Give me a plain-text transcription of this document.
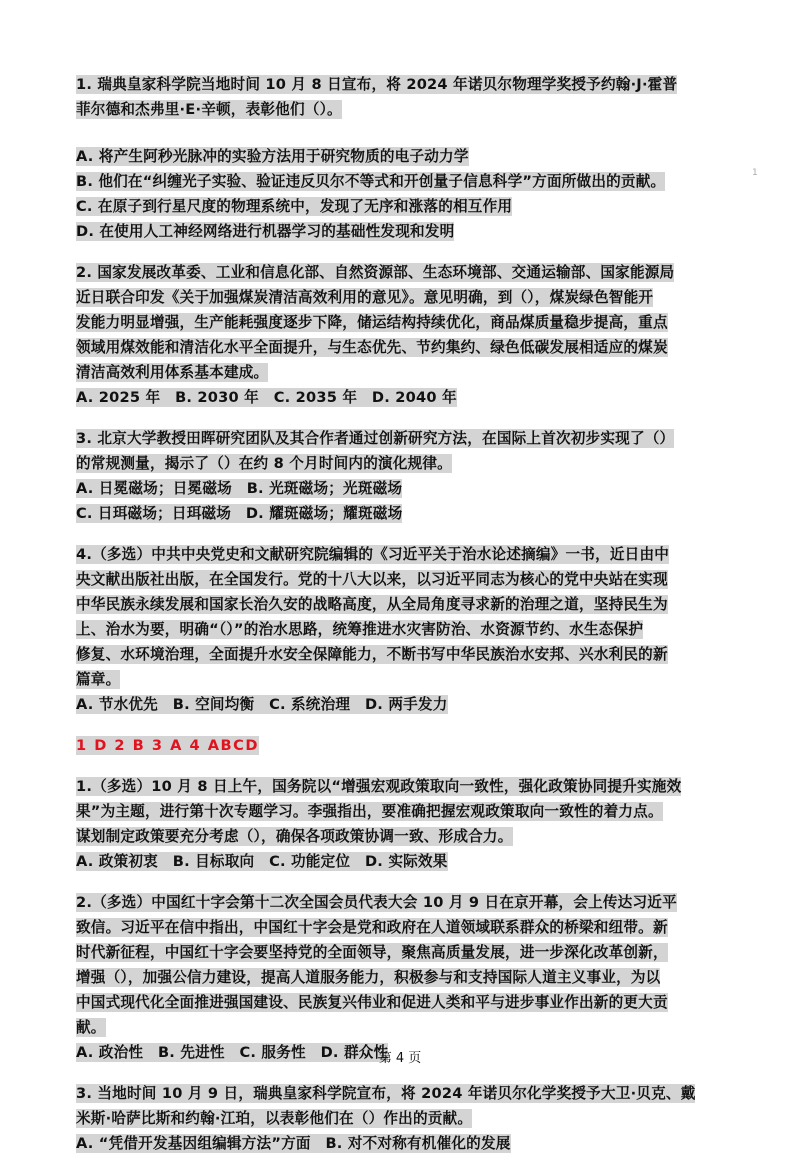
1. 瑞典皇家科学院当地时间 10 月 8 日宣布，将 2024 年诺贝尔物理学奖授予约翰·J·霍普

菲尔德和杰弗里·E·辛顿，表彰他们（）。

A. 将产生阿秒光脉冲的实验方法用于研究物质的电子动力学

B. 他们在“纠缠光子实验、验证违反贝尔不等式和开创量子信息科学”方面所做出的贡献。

C. 在原子到行星尺度的物理系统中，发现了无序和涨落的相互作用

D. 在使用人工神经网络进行机器学习的基础性发现和发明

2. 国家发展改革委、工业和信息化部、自然资源部、生态环境部、交通运输部、国家能源局

近日联合印发《关于加强煤炭清洁高效利用的意见》。意见明确，到（），煤炭绿色智能开

发能力明显增强，生产能耗强度逐步下降，储运结构持续优化，商品煤质量稳步提高，重点

领域用煤效能和清洁化水平全面提升，与生态优先、节约集约、绿色低碳发展相适应的煤炭

清洁高效利用体系基本建成。

A. 2025 年　B. 2030 年　C. 2035 年　D. 2040 年

3. 北京大学教授田晖研究团队及其合作者通过创新研究方法，在国际上首次初步实现了（）

的常规测量，揭示了（）在约 8 个月时间内的演化规律。

A. 日冕磁场；日冕磁场　B. 光斑磁场；光斑磁场

C. 日珥磁场；日珥磁场　D. 耀斑磁场；耀斑磁场

4.（多选）中共中央党史和文献研究院编辑的《习近平关于治水论述摘编》一书，近日由中

央文献出版社出版，在全国发行。党的十八大以来，以习近平同志为核心的党中央站在实现

中华民族永续发展和国家长治久安的战略高度，从全局角度寻求新的治理之道，坚持民生为

上、治水为要，明确“（）”的治水思路，统筹推进水灾害防治、水资源节约、水生态保护

修复、水环境治理，全面提升水安全保障能力，不断书写中华民族治水安邦、兴水利民的新

篇章。

A. 节水优先　B. 空间均衡　C. 系统治理　D. 两手发力

1 D 2 B 3 A 4 ABCD

1.（多选）10 月 8 日上午，国务院以“增强宏观政策取向一致性，强化政策协同提升实施效

果”为主题，进行第十次专题学习。李强指出，要准确把握宏观政策取向一致性的着力点。

谋划制定政策要充分考虑（），确保各项政策协调一致、形成合力。

A. 政策初衷　B. 目标取向　C. 功能定位　D. 实际效果

2.（多选）中国红十字会第十二次全国会员代表大会 10 月 9 日在京开幕，会上传达习近平

致信。习近平在信中指出，中国红十字会是党和政府在人道领域联系群众的桥梁和纽带。新

时代新征程，中国红十字会要坚持党的全面领导，聚焦高质量发展，进一步深化改革创新，

增强（），加强公信力建设，提高人道服务能力，积极参与和支持国际人道主义事业，为以

中国式现代化全面推进强国建设、民族复兴伟业和促进人类和平与进步事业作出新的更大贡

献。

A. 政治性　B. 先进性　C. 服务性　D. 群众性

3. 当地时间 10 月 9 日，瑞典皇家科学院宣布，将 2024 年诺贝尔化学奖授予大卫·贝克、戴

米斯·哈萨比斯和约翰·江珀，以表彰他们在（）作出的贡献。

A. “凭借开发基因组编辑方法”方面　B. 对不对称有机催化的发展

1
第 4 页
